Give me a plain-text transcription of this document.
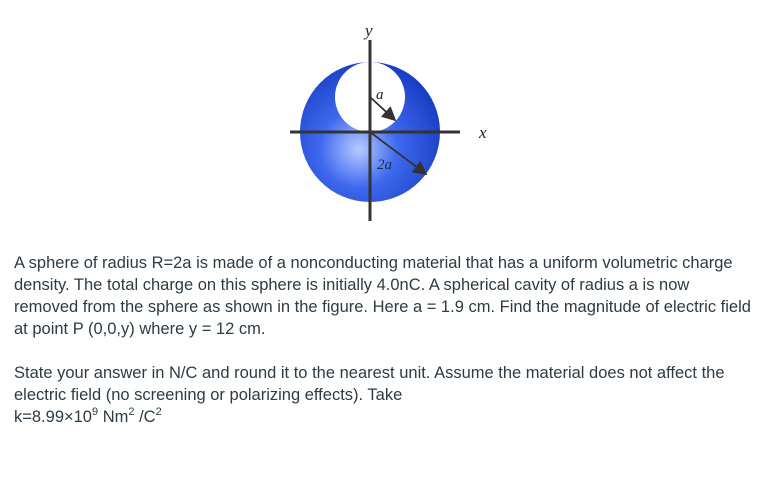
y
x
a
2a

A sphere of radius R=2a is made of a nonconducting material that has a uniform volumetric charge density. The total charge on this sphere is initially 4.0nC. A spherical cavity of radius a is now removed from the sphere as shown in the figure. Here a = 1.9 cm. Find the magnitude of electric field at point P (0,0,y) where y = 12 cm.

State your answer in N/C and round it to the nearest unit. Assume the material does not affect the electric field (no screening or polarizing effects). Take
$k=8.99\times 10^9$ Nm$^2$ $/C^2$
